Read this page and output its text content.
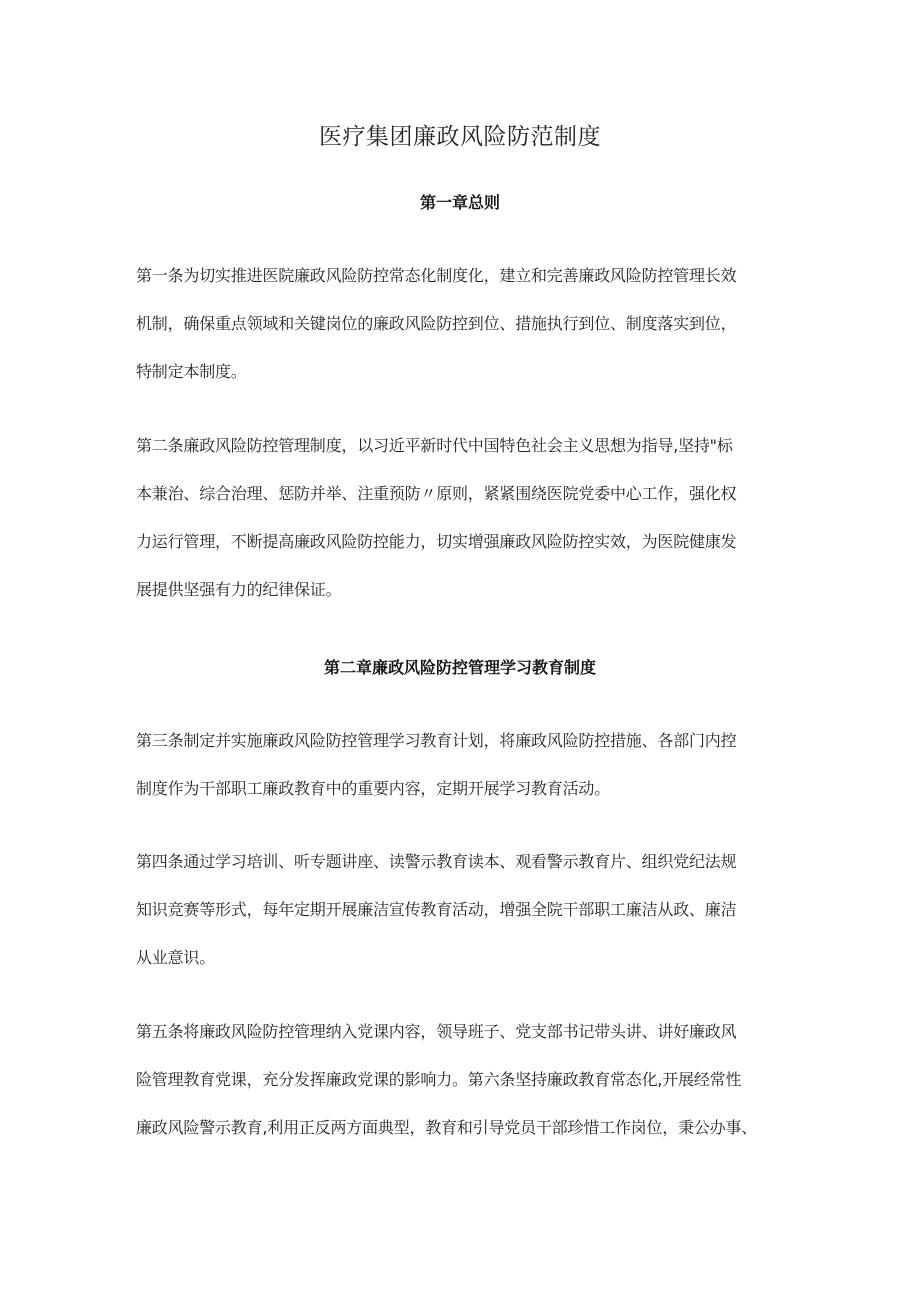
医疗集团廉政风险防范制度
第一章总则
第一条为切实推进医院廉政风险防控常态化制度化，建立和完善廉政风险防控管理长效
机制，确保重点领域和关键岗位的廉政风险防控到位、措施执行到位、制度落实到位，
特制定本制度。
第二条廉政风险防控管理制度，以习近平新时代中国特色社会主义思想为指导,坚持"标
本兼治、综合治理、惩防并举、注重预防〃原则，紧紧围绕医院党委中心工作，强化权
力运行管理，不断提高廉政风险防控能力，切实增强廉政风险防控实效，为医院健康发
展提供坚强有力的纪律保证。
第二章廉政风险防控管理学习教育制度
第三条制定并实施廉政风险防控管理学习教育计划，将廉政风险防控措施、各部门内控
制度作为干部职工廉政教育中的重要内容，定期开展学习教育活动。
第四条通过学习培训、听专题讲座、读警示教育读本、观看警示教育片、组织党纪法规
知识竞赛等形式，每年定期开展廉洁宣传教育活动，增强全院干部职工廉洁从政、廉洁
从业意识。
第五条将廉政风险防控管理纳入党课内容，领导班子、党支部书记带头讲、讲好廉政风
险管理教育党课，充分发挥廉政党课的影响力。第六条坚持廉政教育常态化,开展经常性
廉政风险警示教育,利用正反两方面典型，教育和引导党员干部珍惜工作岗位，秉公办事、
